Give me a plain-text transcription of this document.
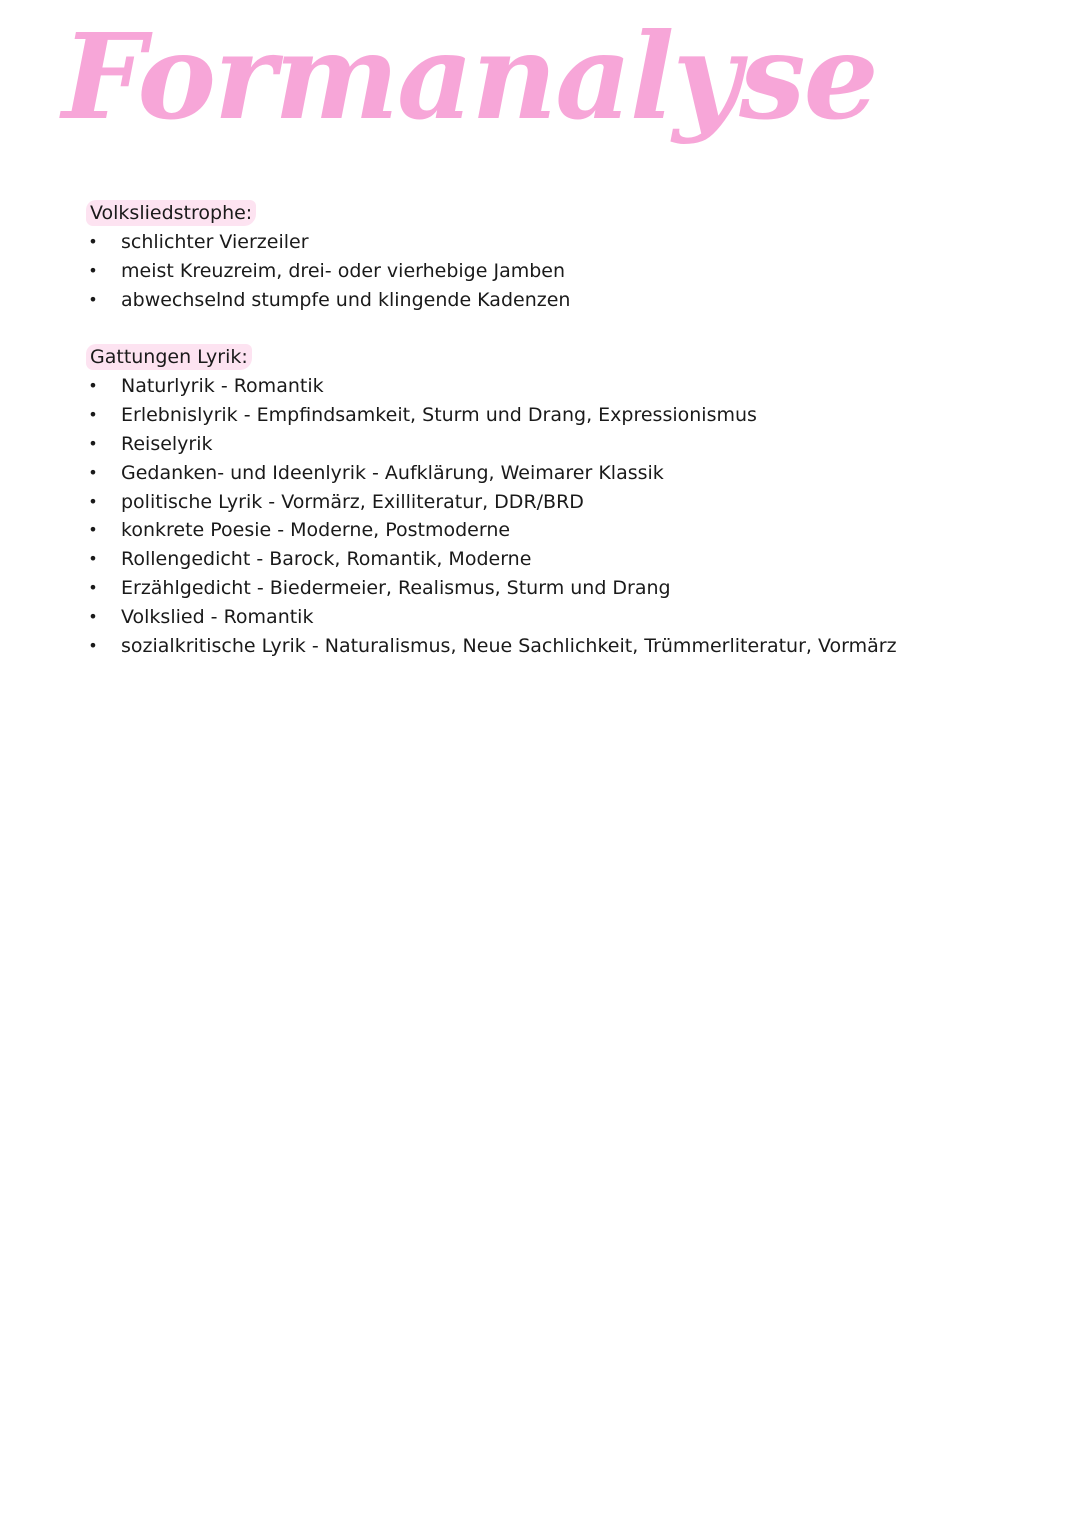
Formanalyse
Volksliedstrophe:
• schlichter Vierzeiler
• meist Kreuzreim, drei- oder vierhebige Jamben
• abwechselnd stumpfe und klingende Kadenzen
Gattungen Lyrik:
• Naturlyrik - Romantik
• Erlebnislyrik - Empfindsamkeit, Sturm und Drang, Expressionismus
• Reiselyrik
• Gedanken- und Ideenlyrik - Aufklärung, Weimarer Klassik
• politische Lyrik - Vormärz, Exilliteratur, DDR/BRD
• konkrete Poesie - Moderne, Postmoderne
• Rollengedicht - Barock, Romantik, Moderne
• Erzählgedicht - Biedermeier, Realismus, Sturm und Drang
• Volkslied - Romantik
• sozialkritische Lyrik - Naturalismus, Neue Sachlichkeit, Trümmerliteratur, Vormärz
